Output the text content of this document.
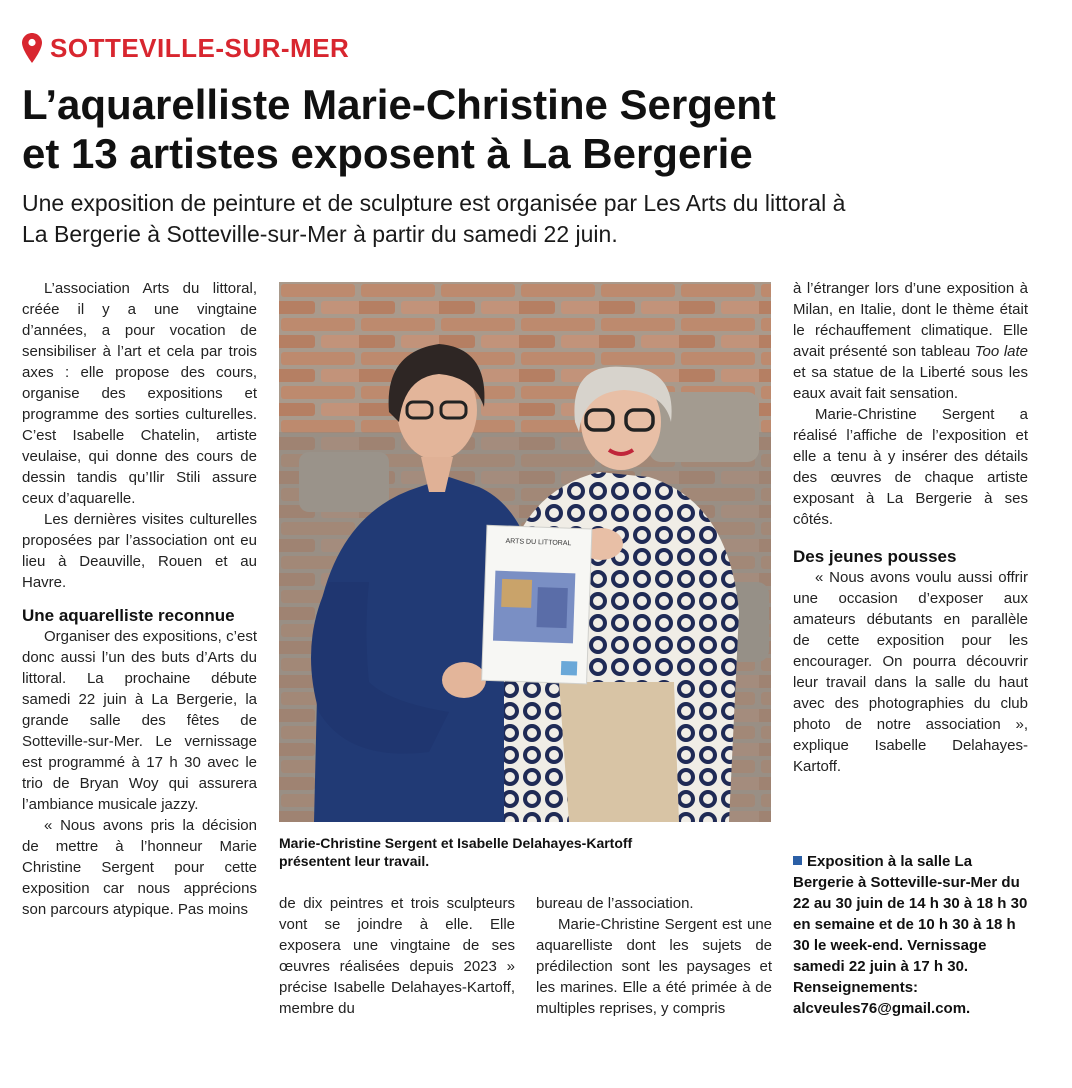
SOTTEVILLE-SUR-MER
L’aquarelliste Marie-Christine Sergent
et 13 artistes exposent à La Bergerie

Une exposition de peinture et de sculpture est organisée par Les Arts du littoral à
La Bergerie à Sotteville-sur-Mer à partir du samedi 22 juin.

L’association Arts du littoral, créée il y a une vingtaine d’années, a pour vocation de sensibiliser à l’art et cela par trois axes : elle propose des cours, organise des expositions et programme des sorties culturelles. C’est Isabelle Chatelin, artiste veulaise, qui donne des cours de dessin tandis qu’Ilir Stili assure ceux d’aquarelle.

Les dernières visites culturelles proposées par l’association ont eu lieu à Deauville, Rouen et au Havre.

Une aquarelliste reconnue

Organiser des expositions, c’est donc aussi l’un des buts d’Arts du littoral. La prochaine débute samedi 22 juin à La Bergerie, la grande salle des fêtes de Sotteville-sur-Mer. Le vernissage est programmé à 17 h 30 avec le trio de Bryan Woy qui assurera l’ambiance musicale jazzy.

« Nous avons pris la décision de mettre à l’honneur Marie Christine Sergent pour cette exposition car nous apprécions son parcours atypique. Pas moins

ARTS DU LITTORAL
Marie-Christine Sergent et Isabelle Delahayes-Kartoff
présentent leur travail.

de dix peintres et trois sculpteurs vont se joindre à elle. Elle exposera une vingtaine de ses œuvres réalisées depuis 2023 » précise Isabelle Delahayes-Kartoff, membre du

bureau de l’association.

Marie-Christine Sergent est une aquarelliste dont les sujets de prédilection sont les paysages et les marines. Elle a été primée à de multiples reprises, y compris

à l’étranger lors d’une exposition à Milan, en Italie, dont le thème était le réchauffement climatique. Elle avait présenté son tableau Too late et sa statue de la Liberté sous les eaux avait fait sensation.

Marie-Christine Sergent a réalisé l’affiche de l’exposition et elle a tenu à y insérer des détails des œuvres de chaque artiste exposant à La Bergerie à ses côtés.

Des jeunes pousses

« Nous avons voulu aussi offrir une occasion d’exposer aux amateurs débutants en parallèle de cette exposition pour les encourager. On pourra découvrir leur travail dans la salle du haut avec des photographies du club photo de notre association », explique Isabelle Delahayes-Kartoff.

Exposition à la salle La Bergerie à Sotteville-sur-Mer du 22 au 30 juin de 14 h 30 à 18 h 30 en semaine et de 10 h 30 à 18 h 30 le week-end. Vernissage samedi 22 juin à 17 h 30. Renseignements: alcveules76@gmail.com.
